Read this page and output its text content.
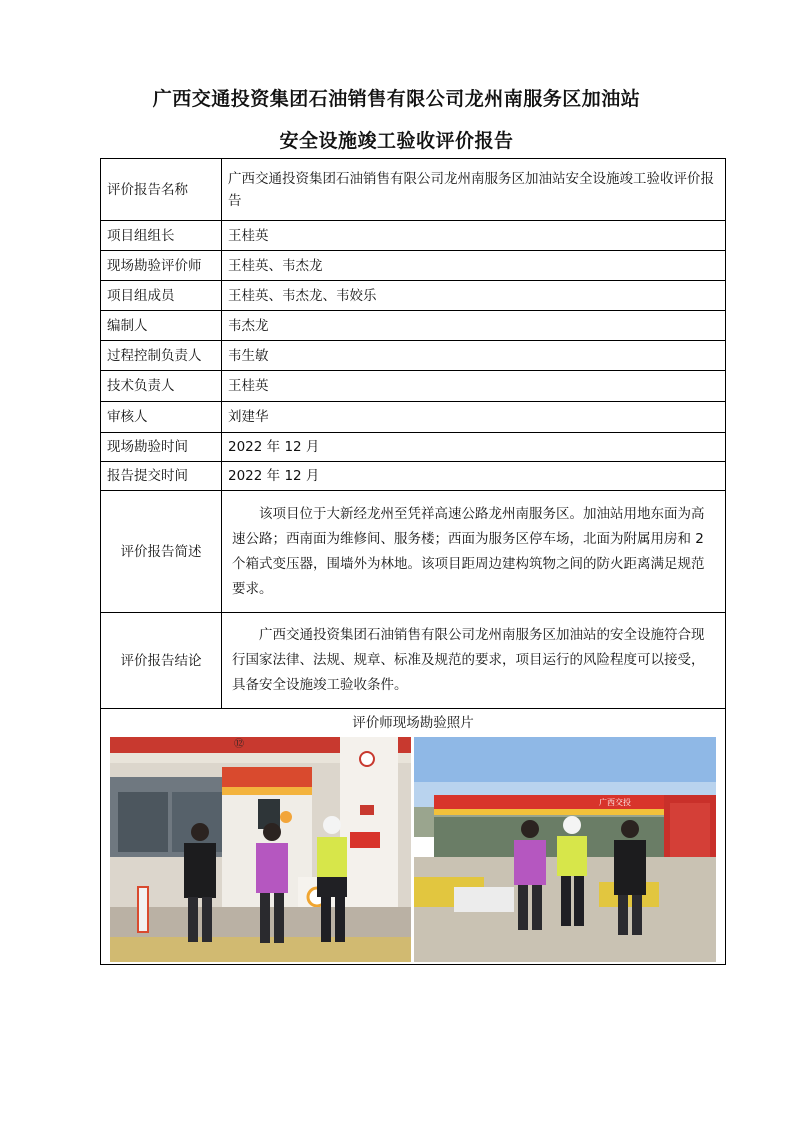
广西交通投资集团石油销售有限公司龙州南服务区加油站
安全设施竣工验收评价报告
评价报告名称	广西交通投资集团石油销售有限公司龙州南服务区加油站安全设施竣工验收评价报告
项目组组长	王桂英
现场勘验评价师	王桂英、韦杰龙
项目组成员	王桂英、韦杰龙、韦姣乐
编制人	韦杰龙
过程控制负责人	韦生敏
技术负责人	王桂英
审核人	刘建华
现场勘验时间	2022 年 12 月
报告提交时间	2022 年 12 月
评价报告简述	该项目位于大新经龙州至凭祥高速公路龙州南服务区。加油站用地东面为高速公路；西南面为维修间、服务楼；西面为服务区停车场，北面为附属用房和 2 个箱式变压器，围墙外为林地。该项目距周边建构筑物之间的防火距离满足规范要求。

评价报告结论	广西交通投资集团石油销售有限公司龙州南服务区加油站的安全设施符合现行国家法律、法规、规章、标准及规范的要求，项目运行的风险程度可以接受，具备安全设施竣工验收条件。

评价师现场勘验照片
⑫
广西交投	
